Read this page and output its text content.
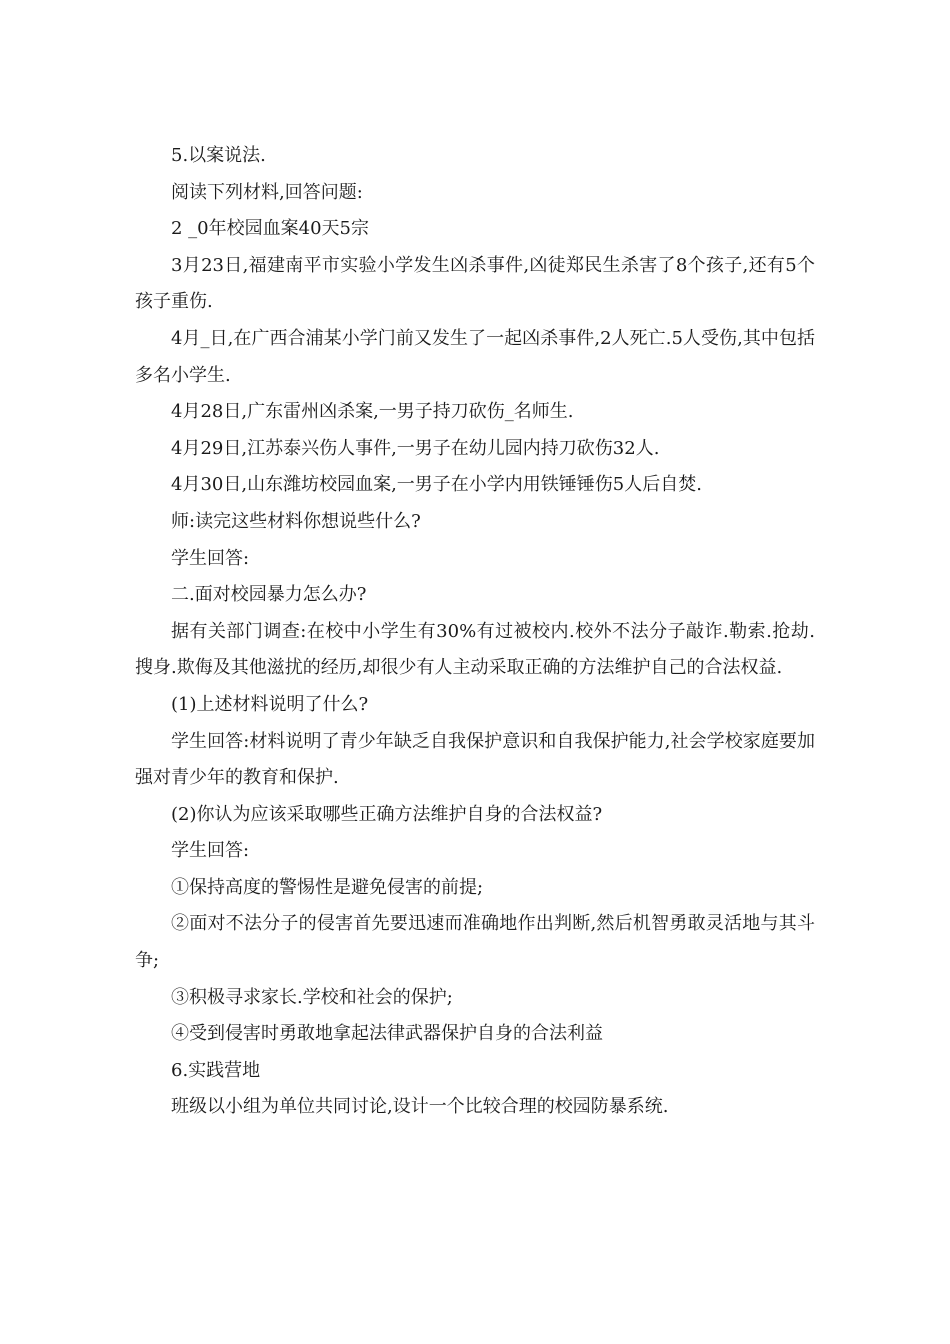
5.以案说法.

阅读下列材料,回答问题:

2 _0年校园血案40天5宗

3月23日,福建南平市实验小学发生凶杀事件,凶徒郑民生杀害了8个孩子,还有5个孩子重伤.

4月_日,在广西合浦某小学门前又发生了一起凶杀事件,2人死亡.5人受伤,其中包括多名小学生.

4月28日,广东雷州凶杀案,一男子持刀砍伤_名师生.

4月29日,江苏泰兴伤人事件,一男子在幼儿园内持刀砍伤32人.

4月30日,山东潍坊校园血案,一男子在小学内用铁锤锤伤5人后自焚.

师:读完这些材料你想说些什么?

学生回答:

二.面对校园暴力怎么办?

据有关部门调查:在校中小学生有30%有过被校内.校外不法分子敲诈.勒索.抢劫.搜身.欺侮及其他滋扰的经历,却很少有人主动采取正确的方法维护自己的合法权益.

(1)上述材料说明了什么?

学生回答:材料说明了青少年缺乏自我保护意识和自我保护能力,社会学校家庭要加强对青少年的教育和保护.

(2)你认为应该采取哪些正确方法维护自身的合法权益?

学生回答:

①保持高度的警惕性是避免侵害的前提;

②面对不法分子的侵害首先要迅速而准确地作出判断,然后机智勇敢灵活地与其斗争;

③积极寻求家长.学校和社会的保护;

④受到侵害时勇敢地拿起法律武器保护自身的合法利益

6.实践营地

班级以小组为单位共同讨论,设计一个比较合理的校园防暴系统.
